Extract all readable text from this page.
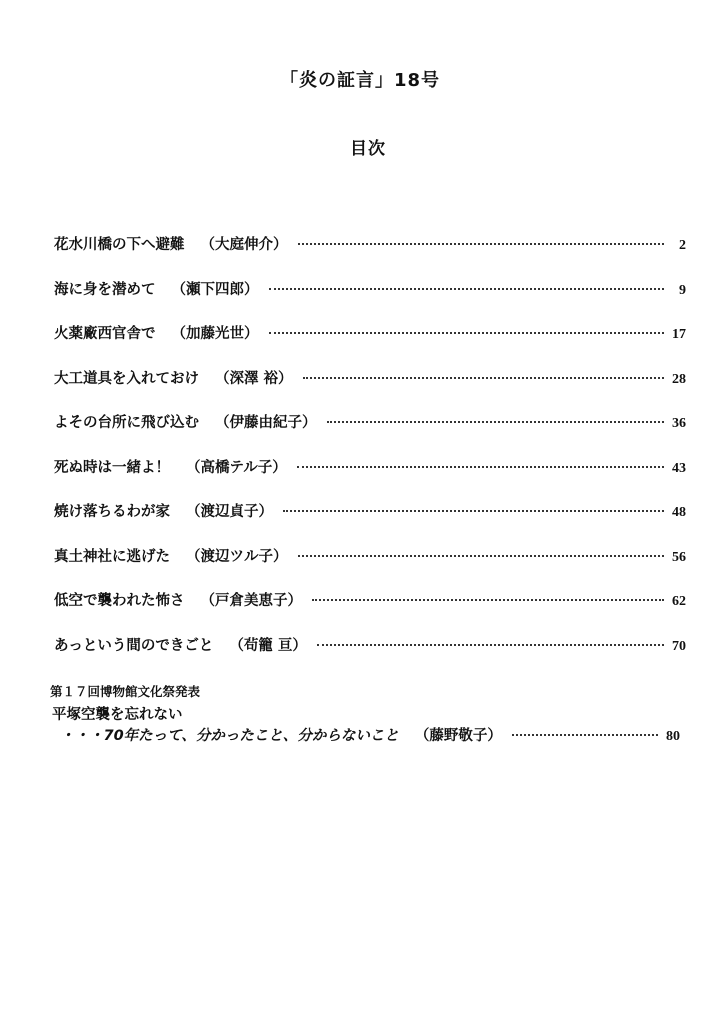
「炎の証言」18号
目次
花水川橋の下へ避難 （大庭伸介）	2
海に身を潜めて （瀬下四郎）	9
火薬廠西官舎で （加藤光世）	17
大工道具を入れておけ （深澤 裕）	28
よその台所に飛び込む （伊藤由紀子）	36
死ぬ時は一緒よ！ （高橋テル子）	43
焼け落ちるわが家 （渡辺貞子）	48
真土神社に逃げた （渡辺ツル子）	56
低空で襲われた怖さ （戸倉美恵子）	62
あっという間のできごと （茍籠 亘）	70
第１７回博物館文化祭発表
平塚空襲を忘れない
・・・70年たって、分かったこと、分からないこと （藤野敬子）	80
